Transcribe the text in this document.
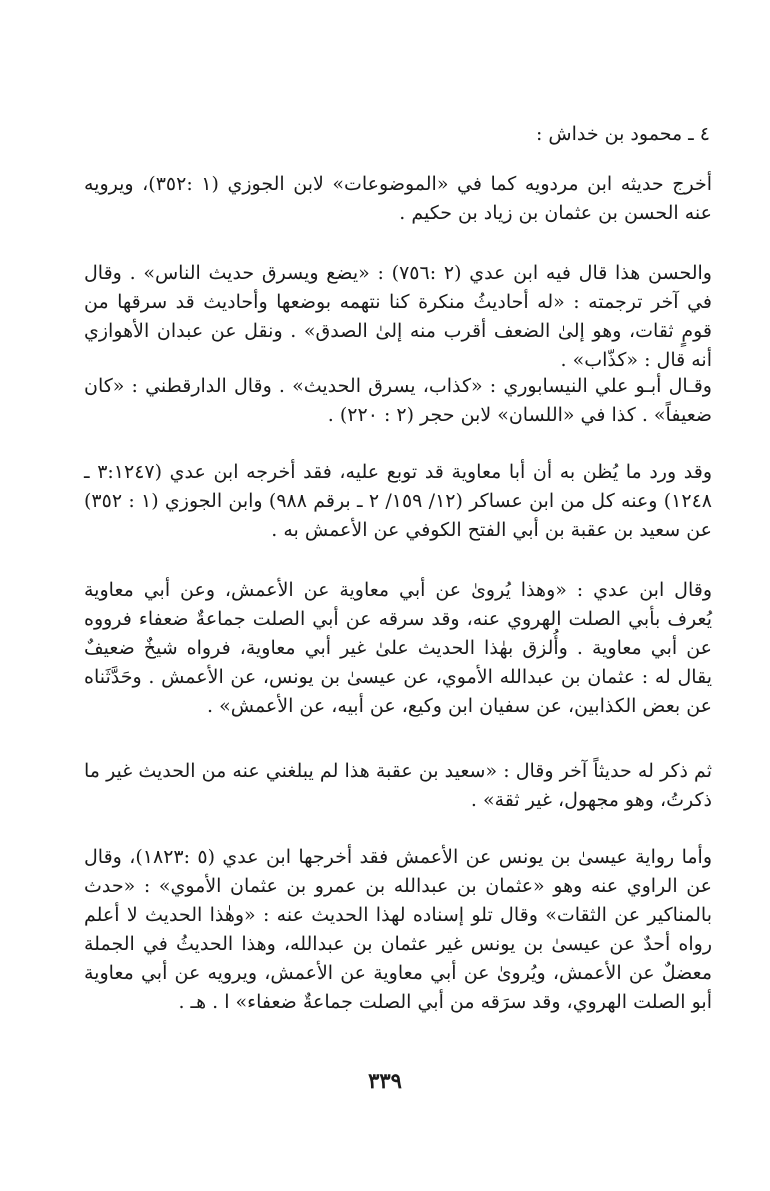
٤ ـ محمود بن خداش :

أخرج حديثه ابن مردويه كما في «الموضوعات» لابن الجوزي (١ :٣٥٢)، ويرويه عنه الحسن بن عثمان بن زياد بن حكيم .

والحسن هذا قال فيه ابن عدي (٢ :٧٥٦) : «يضع ويسرق حديث الناس» . وقال في آخر ترجمته : «له أحاديثُ منكرة كنا نتهمه بوضعها وأحاديث قد سرقها من قومٍ ثقات، وهو إلىٰ الضعف أقرب منه إلىٰ الصدق» . ونقل عن عبدان الأهوازي أنه قال : «كذّاب» .

وقـال أبـو علي النيسابوري : «كذاب، يسرق الحديث» . وقال الدارقطني : «كان ضعيفاً» . كذا في «اللسان» لابن حجر (٢ : ٢٢٠) .

وقد ورد ما يُظن به أن أبا معاوية قد توبع عليه، فقد أخرجه ابن عدي (٣:١٢٤٧ ـ ١٢٤٨) وعنه كل من ابن عساكر (١٢/ ١٥٩/ ٢ ـ برقم ٩٨٨) وابن الجوزي (١ : ٣٥٢) عن سعيد بن عقبة بن أبي الفتح الكوفي عن الأعمش به .

وقال ابن عدي : «وهذا يُروىٰ عن أبي معاوية عن الأعمش، وعن أبي معاوية يُعرف بأبي الصلت الهروي عنه، وقد سرقه عن أبي الصلت جماعةٌ ضعفاء فرووه عن أبي معاوية . وأُلزق بهٰذا الحديث علىٰ غير أبي معاوية، فرواه شيخٌ ضعيفٌ يقال له : عثمان بن عبدالله الأموي، عن عيسىٰ بن يونس، عن الأعمش . وحَدَّثَناه عن بعض الكذابين، عن سفيان ابن وكيع، عن أبيه، عن الأعمش» .

ثم ذكر له حديثاً آخر وقال : «سعيد بن عقبة هذا لم يبلغني عنه من الحديث غير ما ذكرتُ، وهو مجهول، غير ثقة» .

وأما رواية عيسىٰ بن يونس عن الأعمش فقد أخرجها ابن عدي (٥ :١٨٢٣)، وقال عن الراوي عنه وهو «عثمان بن عبدالله بن عمرو بن عثمان الأموي» : «حدث بالمناكير عن الثقات» وقال تلو إسناده لهذا الحديث عنه : «وهٰذا الحديث لا أعلم رواه أحدٌ عن عيسىٰ بن يونس غير عثمان بن عبدالله، وهذا الحديثُ في الجملة معضلٌ عن الأعمش، ويُروىٰ عن أبي معاوية عن الأعمش، ويرويه عن أبي معاوية أبو الصلت الهروي، وقد سرَقه من أبي الصلت جماعةٌ ضعفاء» ا . هـ .

٣٣٩
